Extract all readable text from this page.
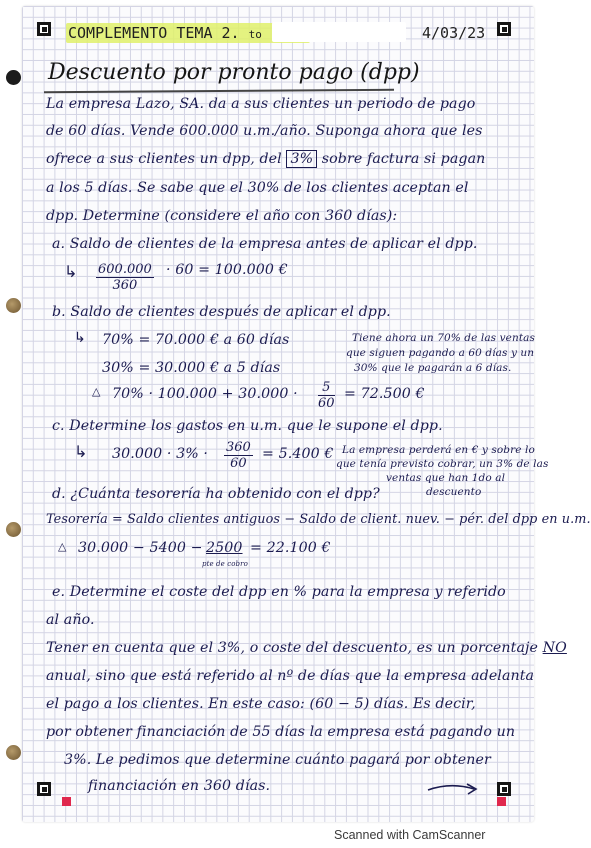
COMPLEMENTO TEMA 2. to	4/03/23
Descuento por pronto pago (dpp)
La empresa Lazo, SA. da a sus clientes un periodo de pago
de 60 días. Vende 600.000 u.m./año. Suponga ahora que les
ofrece a sus clientes un dpp, del 3% sobre factura si pagan
a los 5 días. Se sabe que el 30% de los clientes aceptan el
dpp. Determine (considere el año con 360 días):
a. Saldo de clientes de la empresa antes de aplicar el dpp.
↳ $\frac{600.000}{360} \cdot 60 = 100.000$ €
b. Saldo de clientes después de aplicar el dpp.
↳ 70% = 70.000 € a 60 días
30% = 30.000 € a 5 días
△ $70\% \cdot 100.000 + 30.000 \cdot \frac{5}{60} = 72.500$ €
Tiene ahora un 70% de las ventas
que siguen pagando a 60 días y un
30% que le pagarán a 6 días.
c. Determine los gastos en u.m. que le supone el dpp.
↳ $30.000 \cdot 3\% \cdot \frac{360}{60} = 5.400$ € La empresa perderá en € y sobre lo
que tenía previsto cobrar, un 3% de las
ventas que han 1do al
descuento
d. ¿Cuánta tesorería ha obtenido con el dpp?
Tesorería = Saldo clientes antiguos − Saldo de client. nuev. − pér. del dpp en u.m.
△ 30.000 − 5400 − 2500 = 22.100 €
pte de cobro
e. Determine el coste del dpp en % para la empresa y referido
al año.
Tener en cuenta que el 3%, o coste del descuento, es un porcentaje NO
anual, sino que está referido al nº de días que la empresa adelanta
el pago a los clientes. En este caso: (60 − 5) días. Es decir,
por obtener financiación de 55 días la empresa está pagando un
3%. Le pedimos que determine cuánto pagará por obtener
financiación en 360 días.
Scanned with CamScanner
